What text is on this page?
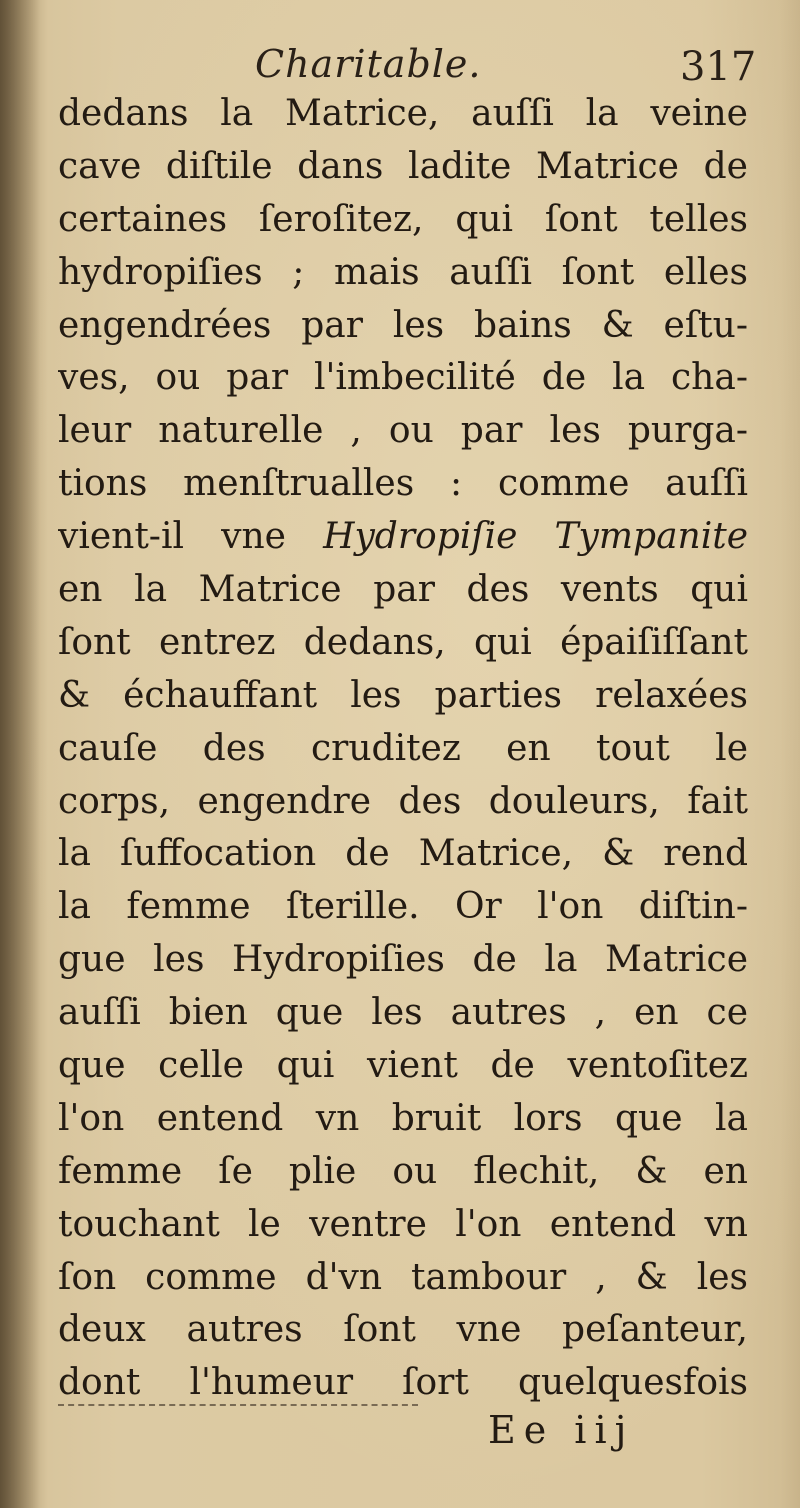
Charitable.	317
dedans la Matrice, auſſi la veine
cave diſtile dans ladite Matrice de
certaines ſeroſitez, qui ſont telles
hydropiſies ; mais auſſi ſont elles
engendrées par les bains & eſtu-
ves, ou par l'imbecilité de la cha-
leur naturelle , ou par les purga-
tions menſtrualles : comme auſſi
vient-il vne Hydropiſie Tympanite
en la Matrice par des vents qui
ſont entrez dedans, qui épaiſiſſant
& échauffant les parties relaxées
cauſe des cruditez en tout le
corps, engendre des douleurs, fait
la ſuffocation de Matrice, & rend
la femme ſterille. Or l'on diſtin-
gue les Hydropiſies de la Matrice
auſſi bien que les autres , en ce
que celle qui vient de ventoſitez
l'on entend vn bruit lors que la
femme ſe plie ou flechit, & en
touchant le ventre l'on entend vn
ſon comme d'vn tambour , & les
deux autres ſont vne peſanteur,
dont l'humeur ſort quelquesfois
Ee iij
